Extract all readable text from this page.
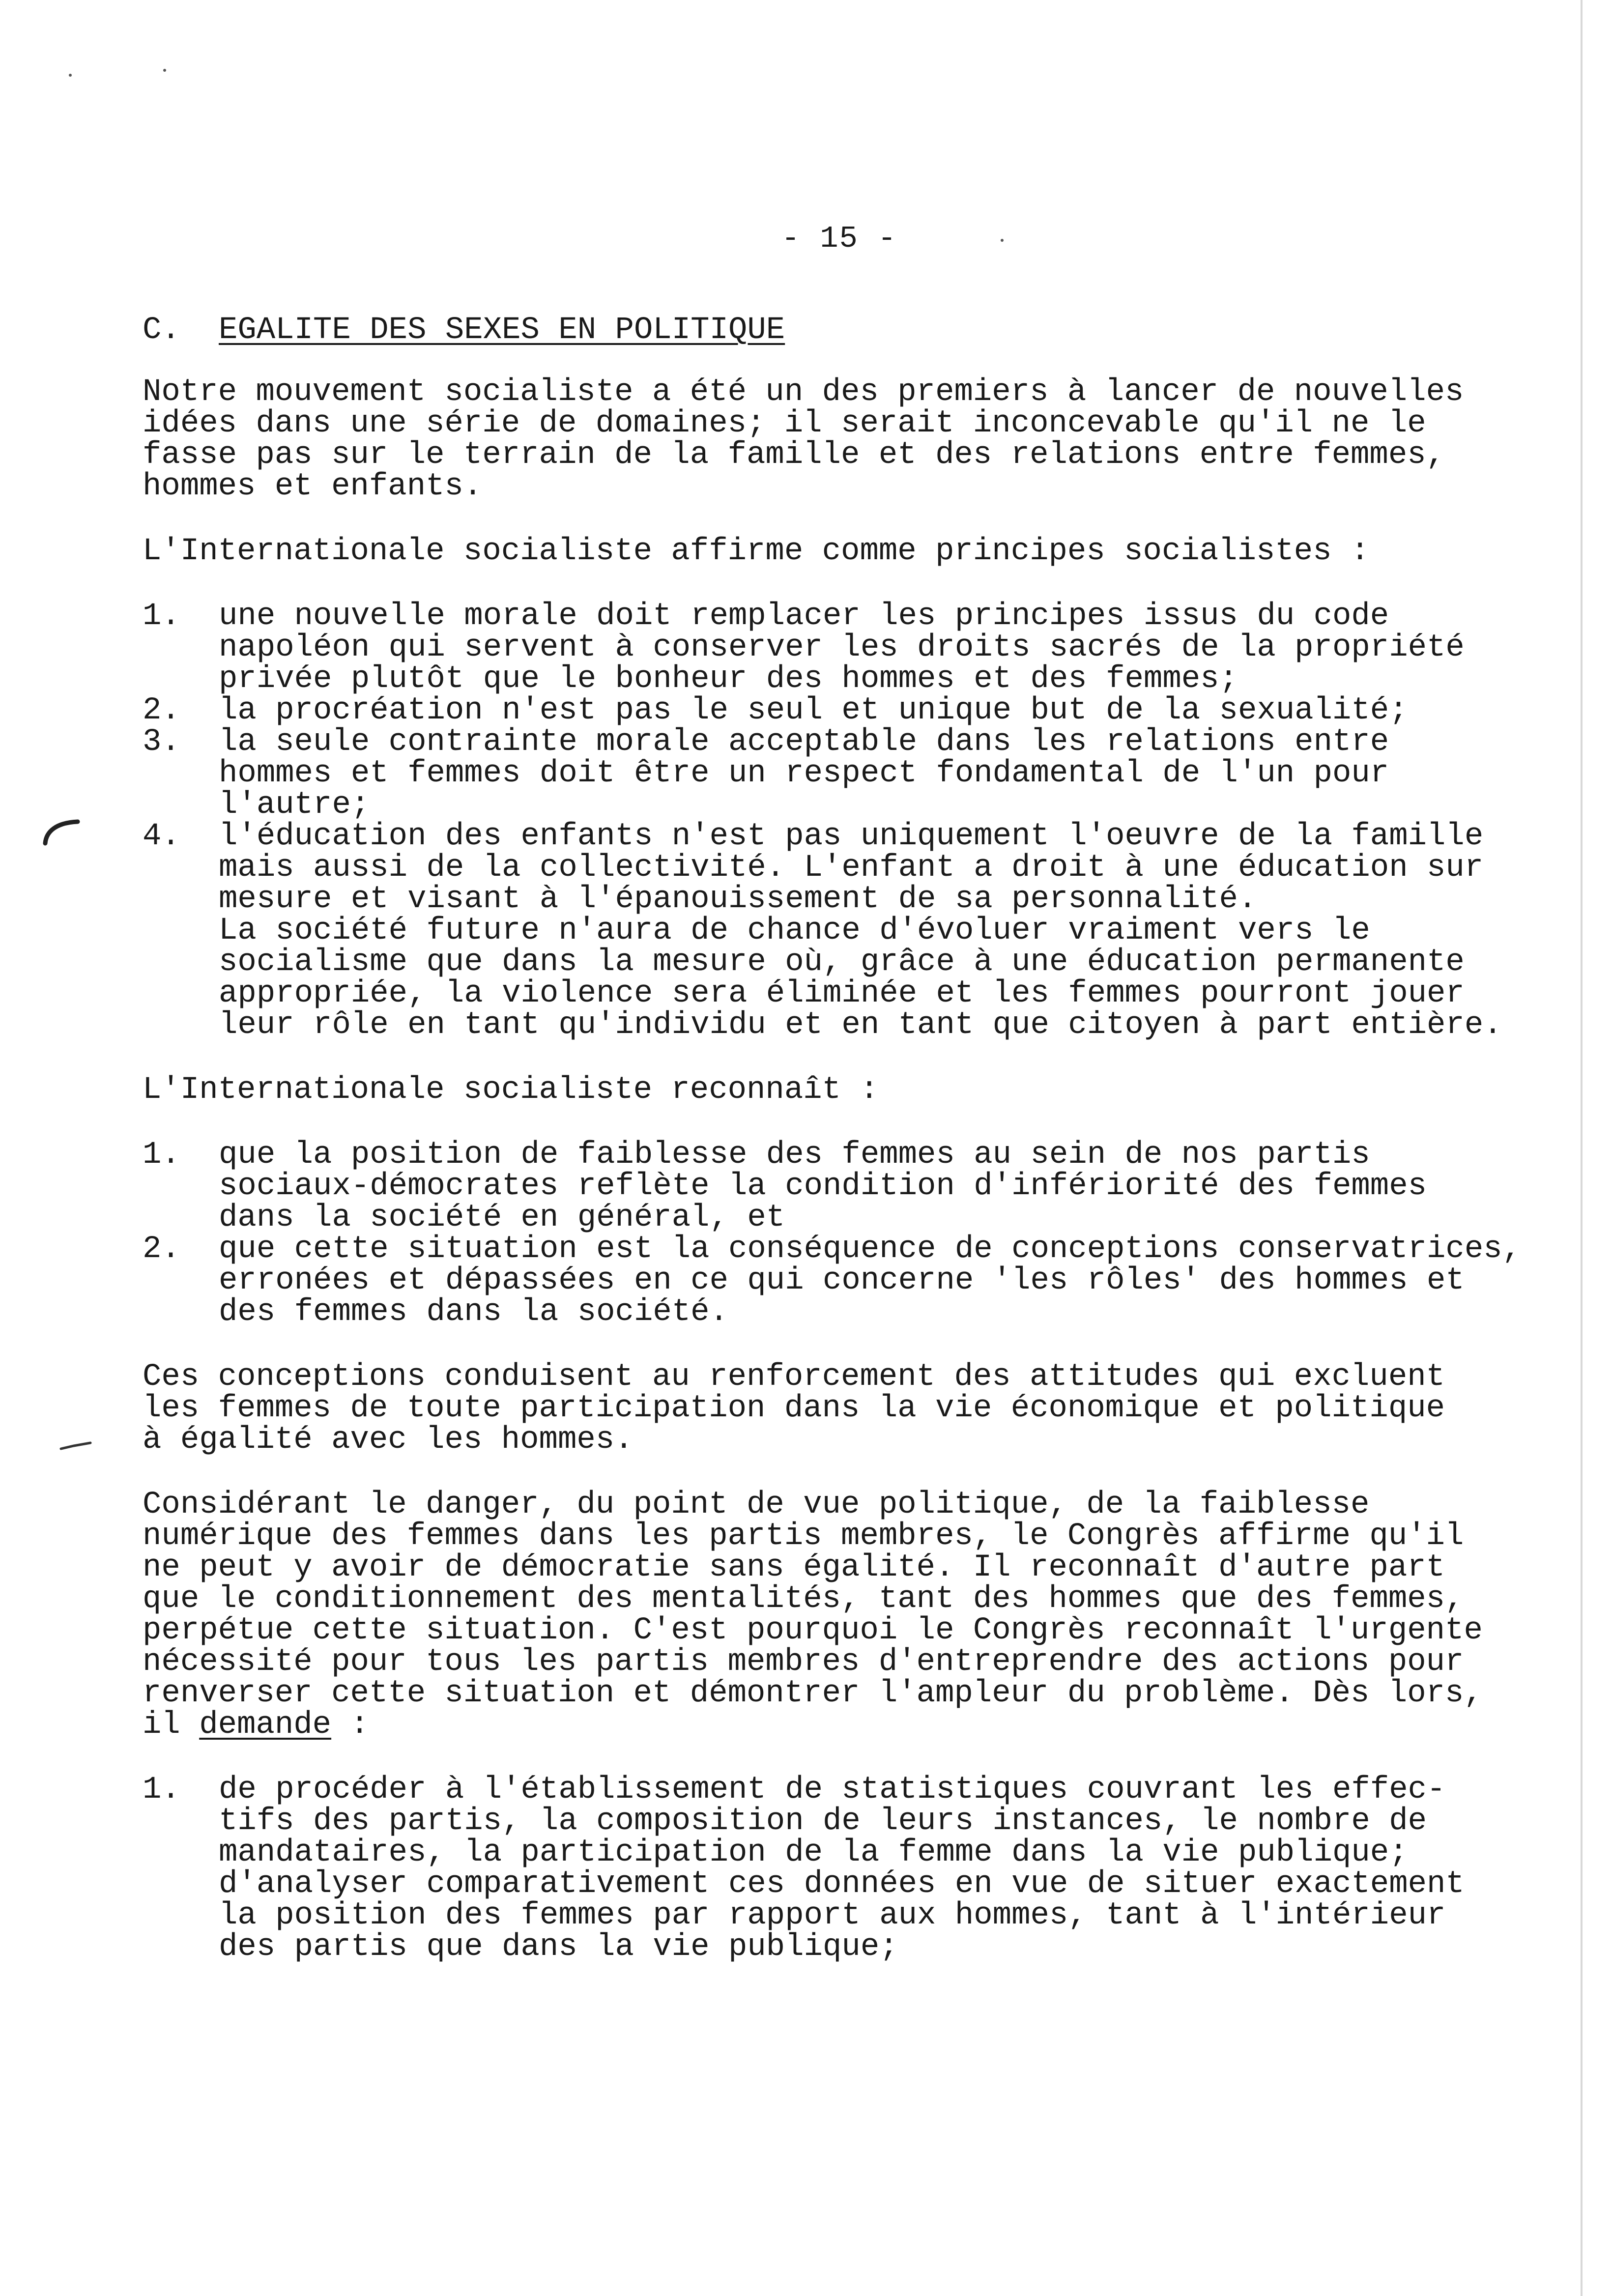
- 15 -
C. EGALITE DES SEXES EN POLITIQUE

Notre mouvement socialiste a été un des premiers à lancer de nouvelles
idées dans une série de domaines; il serait inconcevable qu'il ne le
fasse pas sur le terrain de la famille et des relations entre femmes,
hommes et enfants.

L'Internationale socialiste affirme comme principes socialistes :

1.	une nouvelle morale doit remplacer les principes issus du code
napoléon qui servent à conserver les droits sacrés de la propriété
privée plutôt que le bonheur des hommes et des femmes;
2.	la procréation n'est pas le seul et unique but de la sexualité;
3.	la seule contrainte morale acceptable dans les relations entre
hommes et femmes doit être un respect fondamental de l'un pour
l'autre;
4.	l'éducation des enfants n'est pas uniquement l'oeuvre de la famille
mais aussi de la collectivité. L'enfant a droit à une éducation sur
mesure et visant à l'épanouissement de sa personnalité.
La société future n'aura de chance d'évoluer vraiment vers le
socialisme que dans la mesure où, grâce à une éducation permanente
appropriée, la violence sera éliminée et les femmes pourront jouer
leur rôle en tant qu'individu et en tant que citoyen à part entière.

L'Internationale socialiste reconnaît :

1.	que la position de faiblesse des femmes au sein de nos partis
sociaux-démocrates reflète la condition d'infériorité des femmes
dans la société en général, et
2.	que cette situation est la conséquence de conceptions conservatrices,
erronées et dépassées en ce qui concerne 'les rôles' des hommes et
des femmes dans la société.

Ces conceptions conduisent au renforcement des attitudes qui excluent
les femmes de toute participation dans la vie économique et politique
à égalité avec les hommes.

Considérant le danger, du point de vue politique, de la faiblesse
numérique des femmes dans les partis membres, le Congrès affirme qu'il
ne peut y avoir de démocratie sans égalité. Il reconnaît d'autre part
que le conditionnement des mentalités, tant des hommes que des femmes,
perpétue cette situation. C'est pourquoi le Congrès reconnaît l'urgente
nécessité pour tous les partis membres d'entreprendre des actions pour
renverser cette situation et démontrer l'ampleur du problème. Dès lors,
il demande :

1.	de procéder à l'établissement de statistiques couvrant les effec-
tifs des partis, la composition de leurs instances, le nombre de
mandataires, la participation de la femme dans la vie publique;
d'analyser comparativement ces données en vue de situer exactement
la position des femmes par rapport aux hommes, tant à l'intérieur
des partis que dans la vie publique;
